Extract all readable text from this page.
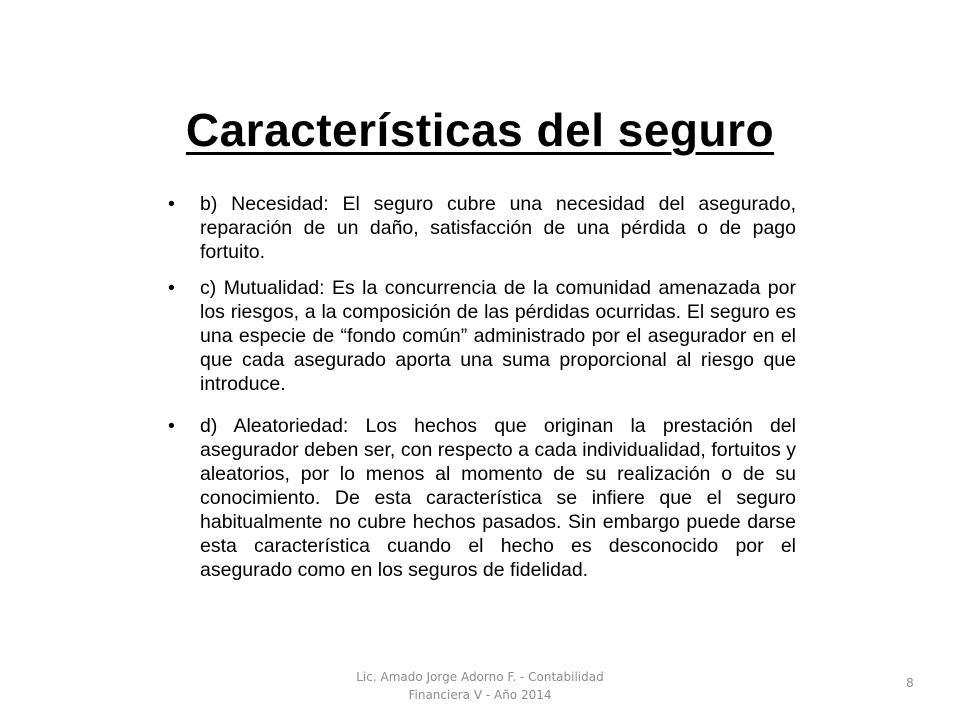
Características del seguro
•	b) Necesidad: El seguro cubre una necesidad del asegurado, reparación de un daño, satisfacción de una pérdida o de pago fortuito.
•	c) Mutualidad: Es la concurrencia de la comunidad amenazada por los riesgos, a la composición de las pérdidas ocurridas. El seguro es una especie de “fondo común” administrado por el asegurador en el que cada asegurado aporta una suma proporcional al riesgo que introduce.
•	d) Aleatoriedad: Los hechos que originan la prestación del asegurador deben ser, con respecto a cada individualidad, fortuitos y aleatorios, por lo menos al momento de su realización o de su conocimiento. De esta característica se infiere que el seguro habitualmente no cubre hechos pasados. Sin embargo puede darse esta característica cuando el hecho es desconocido por el asegurado como en los seguros de fidelidad.
Lic. Amado Jorge Adorno F. - Contabilidad
Financiera V - Año 2014
8
